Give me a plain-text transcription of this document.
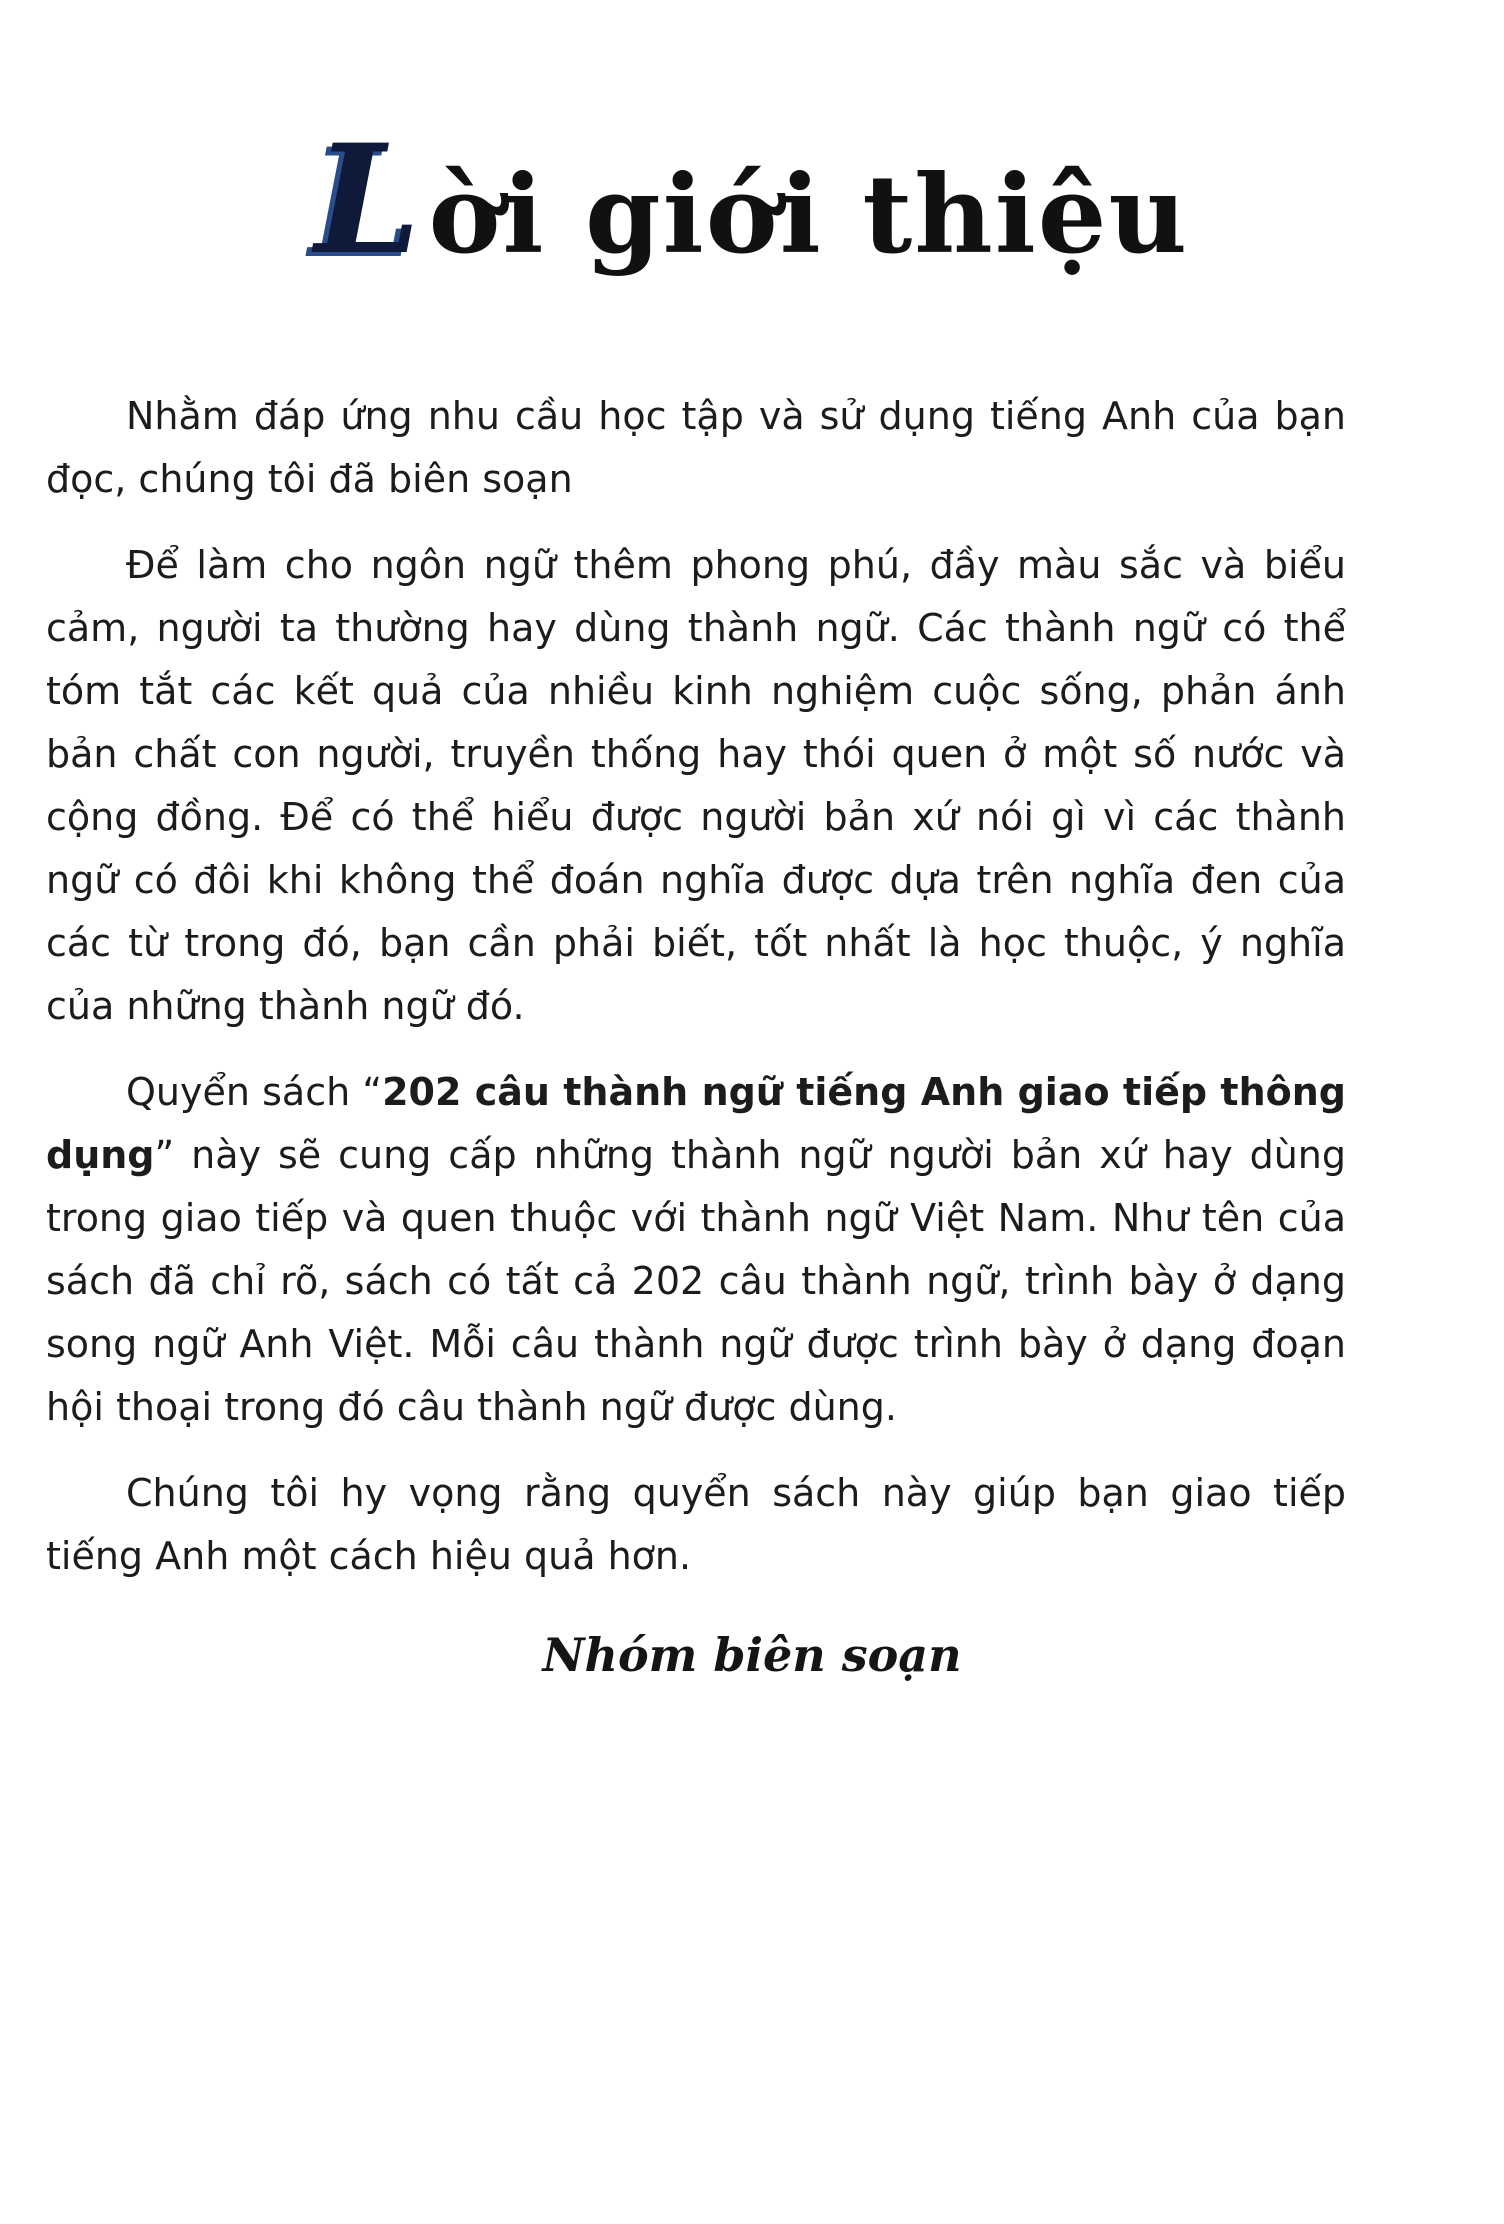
Lời giới thiệu

Nhằm đáp ứng nhu cầu học tập và sử dụng tiếng Anh của bạn đọc, chúng tôi đã biên soạn

Để làm cho ngôn ngữ thêm phong phú, đầy màu sắc và biểu cảm, người ta thường hay dùng thành ngữ. Các thành ngữ có thể tóm tắt các kết quả của nhiều kinh nghiệm cuộc sống, phản ánh bản chất con người, truyền thống hay thói quen ở một số nước và cộng đồng. Để có thể hiểu được người bản xứ nói gì vì các thành ngữ có đôi khi không thể đoán nghĩa được dựa trên nghĩa đen của các từ trong đó, bạn cần phải biết, tốt nhất là học thuộc, ý nghĩa của những thành ngữ đó.

Quyển sách “202 câu thành ngữ tiếng Anh giao tiếp thông dụng” này sẽ cung cấp những thành ngữ người bản xứ hay dùng trong giao tiếp và quen thuộc với thành ngữ Việt Nam. Như tên của sách đã chỉ rõ, sách có tất cả 202 câu thành ngữ, trình bày ở dạng song ngữ Anh Việt. Mỗi câu thành ngữ được trình bày ở dạng đoạn hội thoại trong đó câu thành ngữ được dùng.

Chúng tôi hy vọng rằng quyển sách này giúp bạn giao tiếp tiếng Anh một cách hiệu quả hơn.

Nhóm biên soạn
